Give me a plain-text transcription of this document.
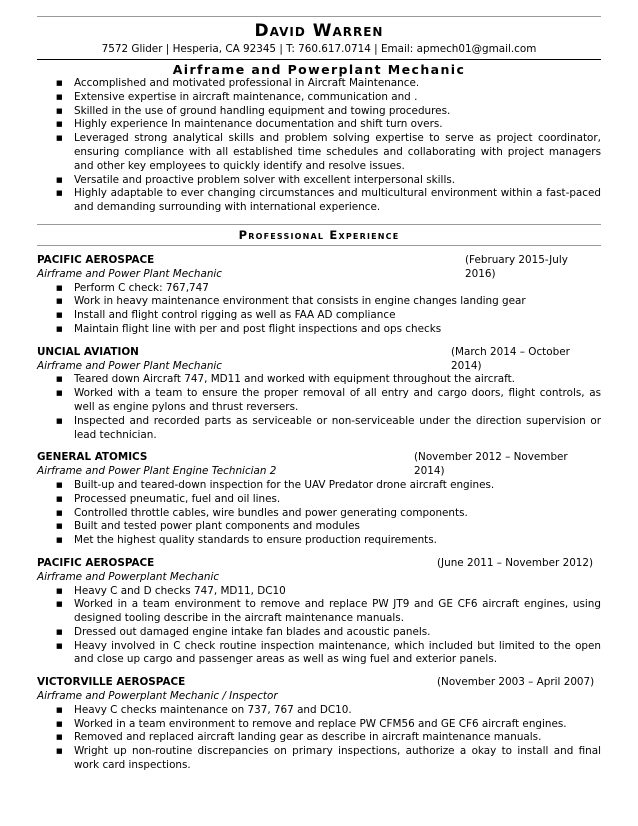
David Warren
7572 Glider | Hesperia, CA 92345 | T: 760.617.0714 | Email: apmech01@gmail.com
Airframe and Powerplant Mechanic
■ Accomplished and motivated professional in Aircraft Maintenance.
■ Extensive expertise in aircraft maintenance, communication and .
■ Skilled in the use of ground handling equipment and towing procedures.
■ Highly experience In maintenance documentation and shift turn overs.
■ Leveraged strong analytical skills and problem solving expertise to serve as project coordinator, ensuring compliance with all established time schedules and collaborating with project managers and other key employees to quickly identify and resolve issues.
■ Versatile and proactive problem solver with excellent interpersonal skills.
■ Highly adaptable to ever changing circumstances and multicultural environment within a fast-paced and demanding surrounding with international experience.
Professional Experience
PACIFIC AEROSPACE	(February 2015-July 2016)
Airframe and Power Plant Mechanic
■ Perform C check: 767,747
■ Work in heavy maintenance environment that consists in engine changes landing gear
■ Install and flight control rigging as well as FAA AD compliance
■ Maintain flight line with per and post flight inspections and ops checks
UNCIAL AVIATION	(March 2014 – October 2014)
Airframe and Power Plant Mechanic
■ Teared down Aircraft 747, MD11 and worked with equipment throughout the aircraft.
■ Worked with a team to ensure the proper removal of all entry and cargo doors, flight controls, as well as engine pylons and thrust reversers.
■ Inspected and recorded parts as serviceable or non-serviceable under the direction supervision or lead technician.
GENERAL ATOMICS	(November 2012 – November 2014)
Airframe and Power Plant Engine Technician 2
■ Built-up and teared-down inspection for the UAV Predator drone aircraft engines.
■ Processed pneumatic, fuel and oil lines.
■ Controlled throttle cables, wire bundles and power generating components.
■ Built and tested power plant components and modules
■ Met the highest quality standards to ensure production requirements.
PACIFIC AEROSPACE	(June 2011 – November 2012)
Airframe and Powerplant Mechanic
■ Heavy C and D checks 747, MD11, DC10
■ Worked in a team environment to remove and replace PW JT9 and GE CF6 aircraft engines, using designed tooling describe in the aircraft maintenance manuals.
■ Dressed out damaged engine intake fan blades and acoustic panels.
■ Heavy involved in C check routine inspection maintenance, which included but limited to the open and close up cargo and passenger areas as well as wing fuel and exterior panels.
VICTORVILLE AEROSPACE	(November 2003 – April 2007)
Airframe and Powerplant Mechanic / Inspector
■ Heavy C checks maintenance on 737, 767 and DC10.
■ Worked in a team environment to remove and replace PW CFM56 and GE CF6 aircraft engines.
■ Removed and replaced aircraft landing gear as describe in aircraft maintenance manuals.
■ Wright up non-routine discrepancies on primary inspections, authorize a okay to install and final work card inspections.
